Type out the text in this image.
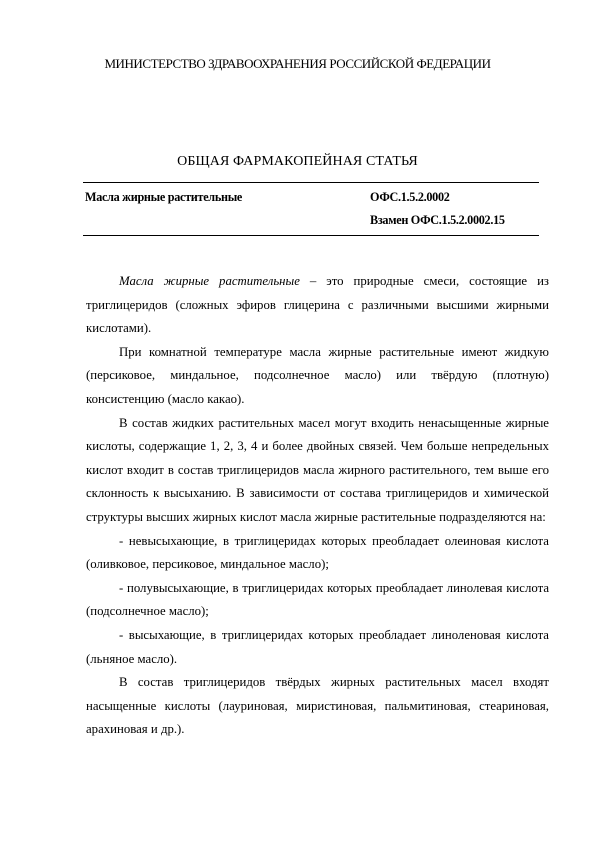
МИНИСТЕРСТВО ЗДРАВООХРАНЕНИЯ РОССИЙСКОЙ ФЕДЕРАЦИИ
ОБЩАЯ ФАРМАКОПЕЙНАЯ СТАТЬЯ
Масла жирные растительные	ОФС.1.5.2.0002
Взамен ОФС.1.5.2.0002.15

Масла жирные растительные – это природные смеси, состоящие из триглицеридов (сложных эфиров глицерина с различными высшими жирными кислотами).

При комнатной температуре масла жирные растительные имеют жидкую (персиковое, миндальное, подсолнечное масло) или твёрдую (плотную) консистенцию (масло какао).

В состав жидких растительных масел могут входить ненасыщенные жирные кислоты, содержащие 1, 2, 3, 4 и более двойных связей. Чем больше непредельных кислот входит в состав триглицеридов масла жирного растительного, тем выше его склонность к высыханию. В зависимости от состава триглицеридов и химической структуры высших жирных кислот масла жирные растительные подразделяются на:

- невысыхающие, в триглицеридах которых преобладает олеиновая кислота (оливковое, персиковое, миндальное масло);

- полувысыхающие, в триглицеридах которых преобладает линолевая кислота (подсолнечное масло);

- высыхающие, в триглицеридах которых преобладает линоленовая кислота (льняное масло).

В состав триглицеридов твёрдых жирных растительных масел входят насыщенные кислоты (лауриновая, миристиновая, пальмитиновая, стеариновая, арахиновая и др.).
